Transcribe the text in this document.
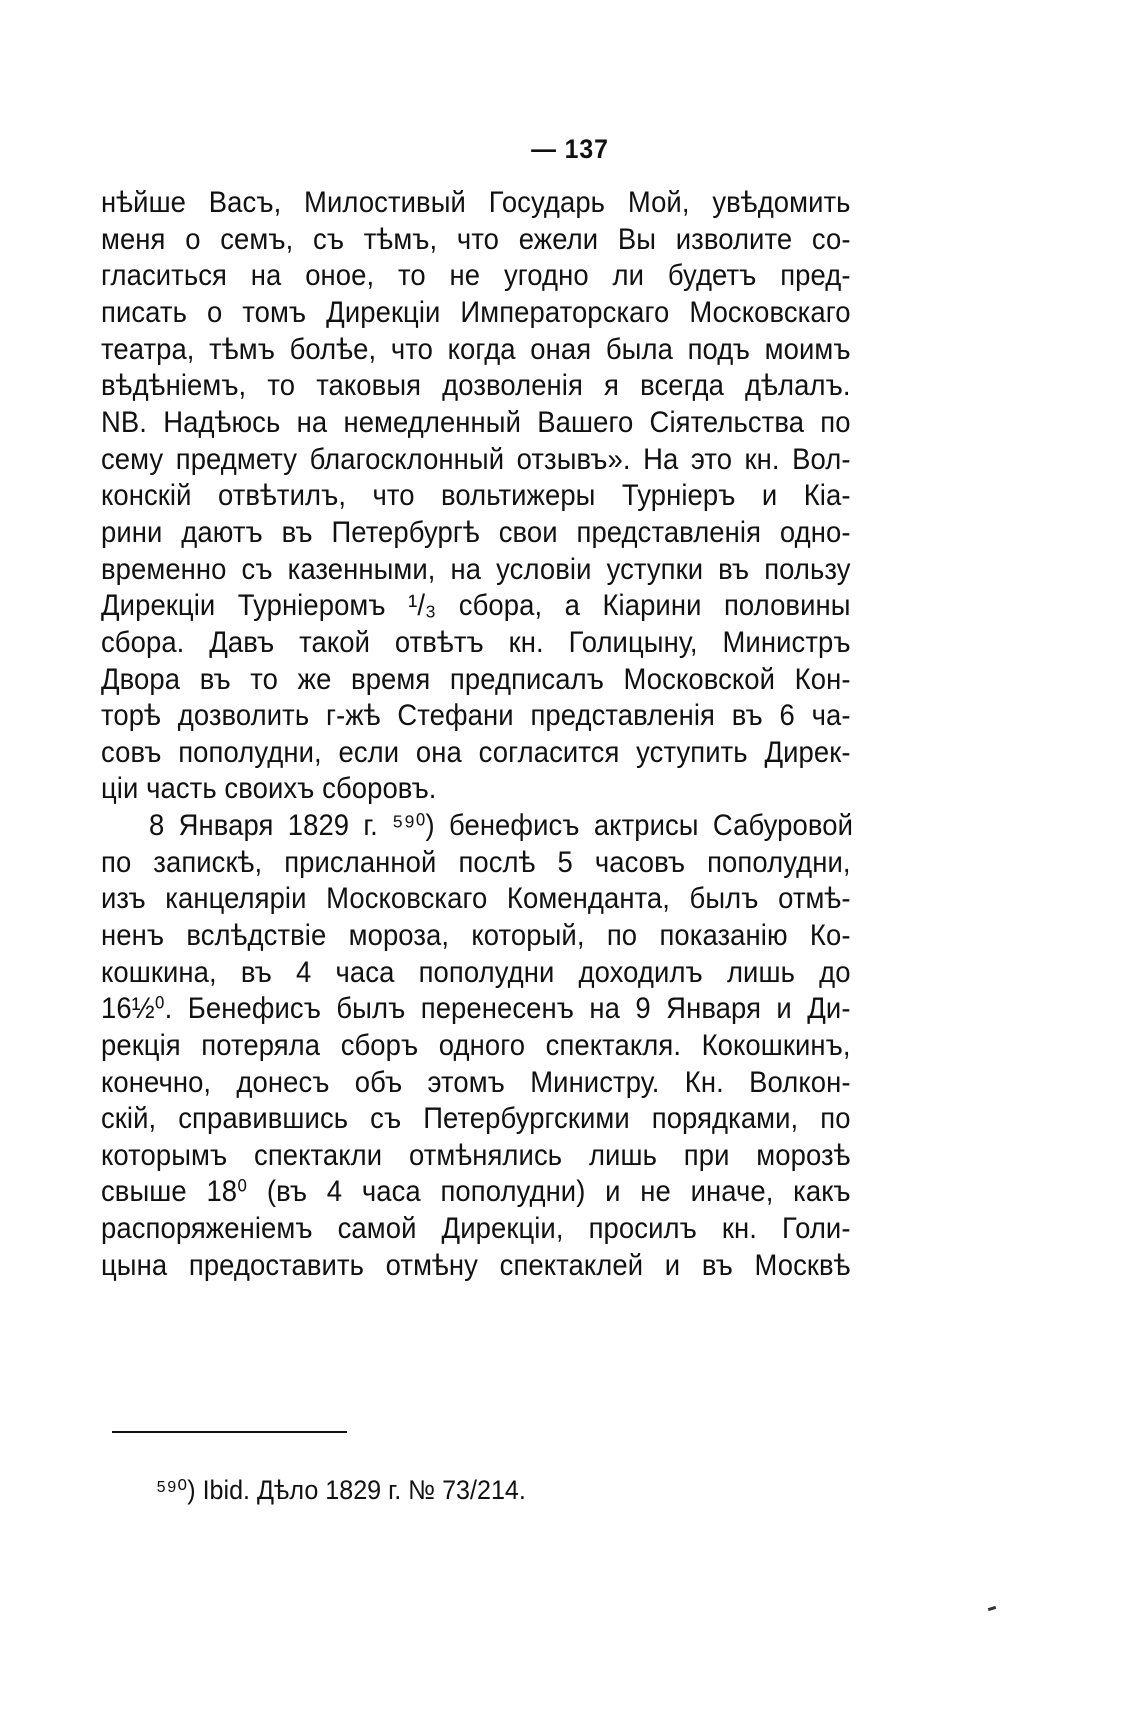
— 137
нѣйше Васъ, Милостивый Государь Мой, увѣдомить
меня о семъ, съ тѣмъ, что ежели Вы изволите со-
гласиться на оное, то не угодно ли будетъ пред-
писать о томъ Дирекціи Императорскаго Московскаго
театра, тѣмъ болѣе, что когда оная была подъ моимъ
вѣдѣніемъ, то таковыя дозволенія я всегда дѣлалъ.
NB. Надѣюсь на немедленный Вашего Сіятельства по
сему предмету благосклонный отзывъ». На это кн. Вол-
конскій отвѣтилъ, что вольтижеры Турніеръ и Кіа-
рини даютъ въ Петербургѣ свои представленія одно-
временно съ казенными, на условіи уступки въ пользу
Дирекціи Турніеромъ ¹/₃ сбора, а Кіарини половины
сбора. Давъ такой отвѣтъ кн. Голицыну, Министръ
Двора въ то же время предписалъ Московской Кон-
торѣ дозволить г-жѣ Стефани представленія въ 6 ча-
совъ пополудни, если она согласится уступить Дирек-
ціи часть своихъ сборовъ.
8 Января 1829 г. ⁵⁹⁰) бенефисъ актрисы Сабуровой
по запискѣ, присланной послѣ 5 часовъ пополудни,
изъ канцеляріи Московскаго Коменданта, былъ отмѣ-
ненъ вслѣдствіе мороза, который, по показанію Ко-
кошкина, въ 4 часа пополудни доходилъ лишь до
16½⁰. Бенефисъ былъ перенесенъ на 9 Января и Ди-
рекція потеряла сборъ одного спектакля. Кокошкинъ,
конечно, донесъ объ этомъ Министру. Кн. Волкон-
скій, справившись съ Петербургскими порядками, по
которымъ спектакли отмѣнялись лишь при морозѣ
свыше 18⁰ (въ 4 часа пополудни) и не иначе, какъ
распоряженіемъ самой Дирекціи, просилъ кн. Голи-
цына предоставить отмѣну спектаклей и въ Москвѣ
⁵⁹⁰) Ibid. Дѣло 1829 г. № 73/214.
